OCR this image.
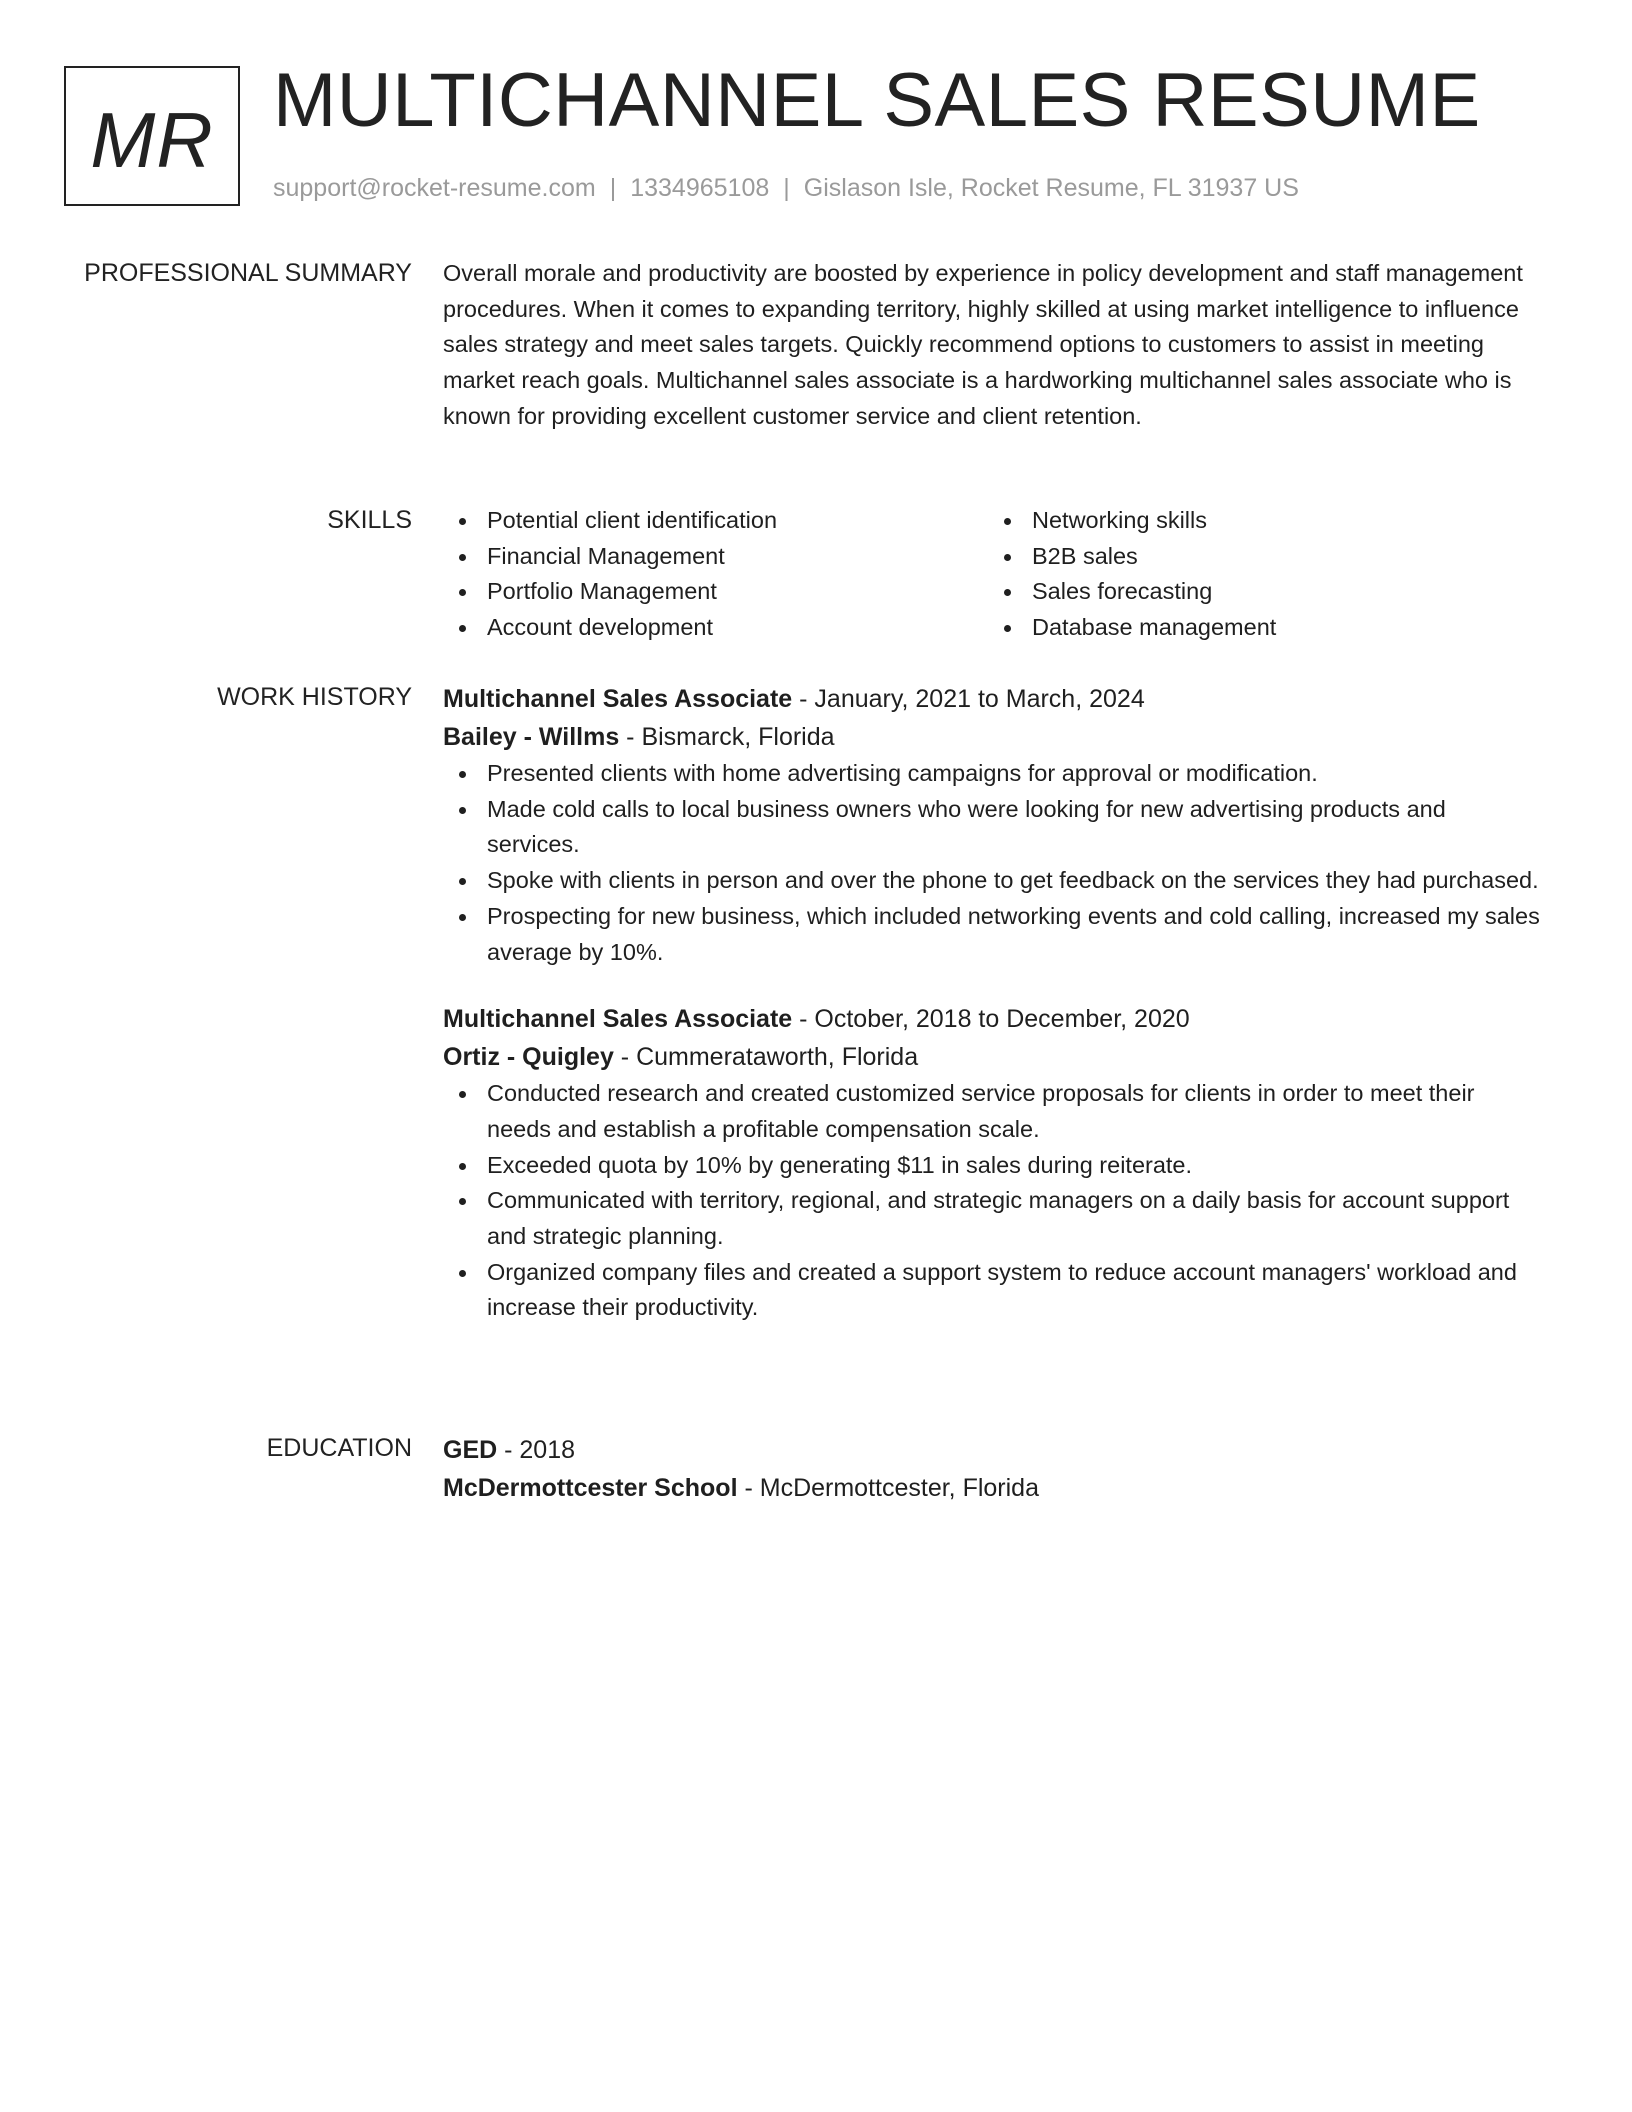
MR MULTICHANNEL SALES RESUME
support@rocket-resume.com | 1334965108 | Gislason Isle, Rocket Resume, FL 31937 US
PROFESSIONAL SUMMARY Overall morale and productivity are boosted by experience in policy development and staff management procedures. When it comes to expanding territory, highly skilled at using market intelligence to influence sales strategy and meet sales targets. Quickly recommend options to customers to assist in meeting market reach goals. Multichannel sales associate is a hardworking multichannel sales associate who is known for providing excellent customer service and client retention.

SKILLS	Potential client identification
Financial Management
Portfolio Management
Account development
Networking skills
B2B sales
Sales forecasting
Database management
WORK HISTORY Multichannel Sales Associate - January, 2021 to March, 2024
Bailey - Willms - Bismarck, Florida
Presented clients with home advertising campaigns for approval or modification.
Made cold calls to local business owners who were looking for new advertising products and services.
Spoke with clients in person and over the phone to get feedback on the services they had purchased.
Prospecting for new business, which included networking events and cold calling, increased my sales average by 10%.
Multichannel Sales Associate - October, 2018 to December, 2020
Ortiz - Quigley - Cummerataworth, Florida
Conducted research and created customized service proposals for clients in order to meet their needs and establish a profitable compensation scale.
Exceeded quota by 10% by generating $11 in sales during reiterate.
Communicated with territory, regional, and strategic managers on a daily basis for account support and strategic planning.
Organized company files and created a support system to reduce account managers' workload and increase their productivity.
EDUCATION GED - 2018
McDermottcester School - McDermottcester, Florida
